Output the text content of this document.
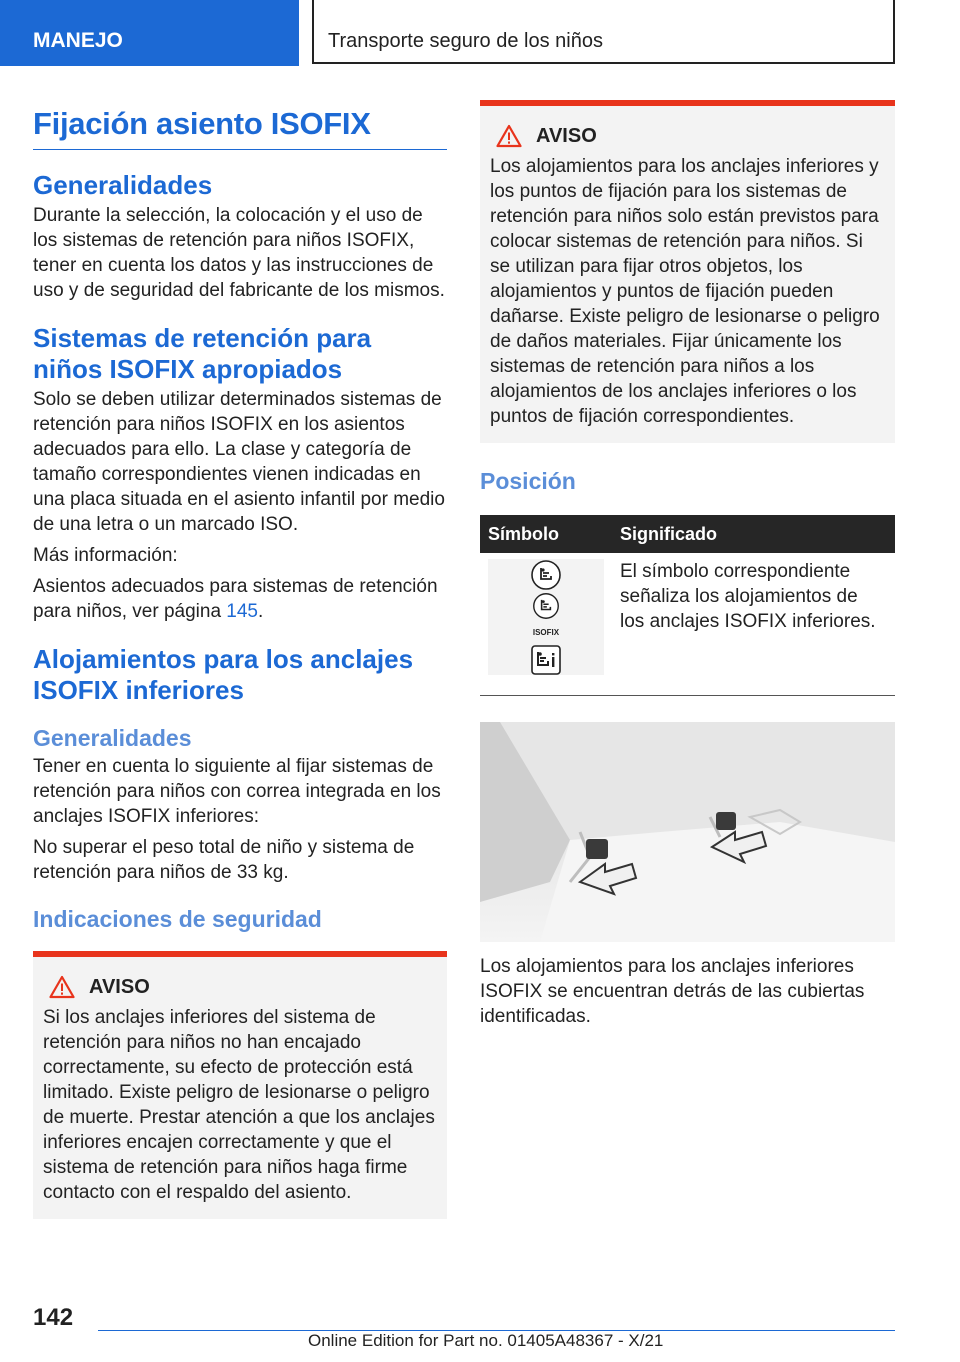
MANEJO	Transporte seguro de los niños
Fijación asiento ISOFIX
Generalidades

Durante la selección, la colocación y el uso de los sistemas de retención para niños ISOFIX, tener en cuenta los datos y las instrucciones de uso y de seguridad del fabricante de los mismos.

Sistemas de retención para niños ISOFIX apropiados

Solo se deben utilizar determinados sistemas de retención para niños ISOFIX en los asientos adecuados para ello. La clase y categoría de tamaño correspondientes vienen indicadas en una placa situada en el asiento infantil por medio de una letra o un marcado ISO.

Más información:

Asientos adecuados para sistemas de retención para niños, ver página 145.

Alojamientos para los anclajes ISOFIX inferiores
Generalidades

Tener en cuenta lo siguiente al fijar sistemas de retención para niños con correa integrada en los anclajes ISOFIX inferiores:

No superar el peso total de niño y sistema de retención para niños de 33 kg.

Indicaciones de seguridad
AVISO

Si los anclajes inferiores del sistema de retención para niños no han encajado correctamente, su efecto de protección está limitado. Existe peligro de lesionarse o peligro de muerte. Prestar atención a que los anclajes inferiores encajen correctamente y que el sistema de retención para niños haga firme contacto con el respaldo del asiento.

AVISO

Los alojamientos para los anclajes inferiores y los puntos de fijación para los sistemas de retención para niños solo están previstos para colocar sistemas de retención para niños. Si se utilizan para fijar otros objetos, los alojamientos y puntos de fijación pueden dañarse. Existe peligro de lesionarse o peligro de daños materiales. Fijar únicamente los sistemas de retención para niños a los alojamientos de los anclajes inferiores o los puntos de fijación correspondientes.

Posición
Símbolo	Significado

ISOFIX	El símbolo correspondiente señaliza los alojamientos de los anclajes ISOFIX inferiores.

Los alojamientos para los anclajes inferiores ISOFIX se encuentran detrás de las cubiertas identificadas.

142
Online Edition for Part no. 01405A48367 - X/21
